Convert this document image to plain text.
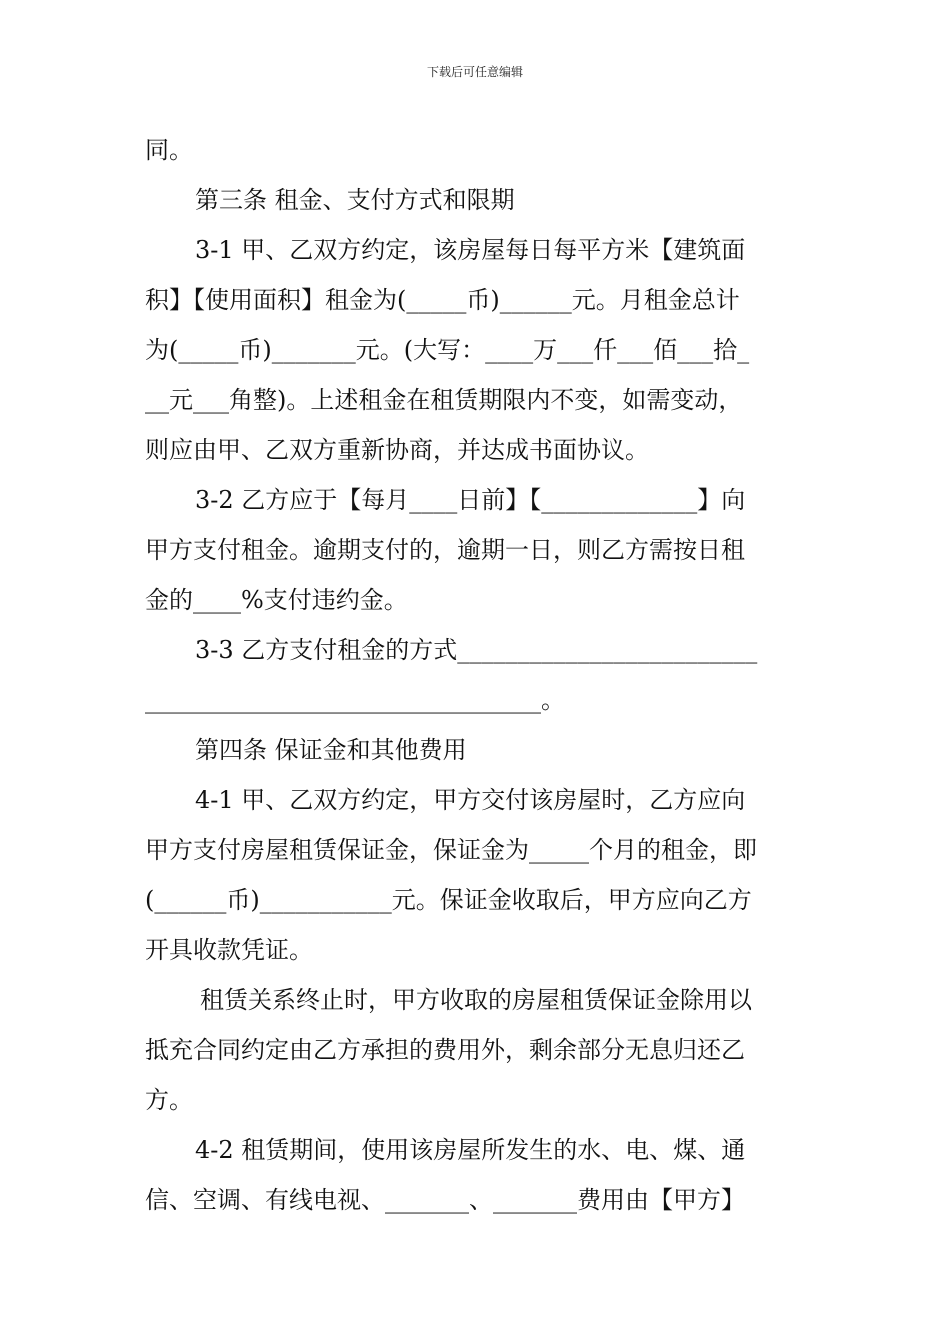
下载后可任意编辑
同。
第三条 租金、支付方式和限期
3-1 甲、乙双方约定，该房屋每日每平方米【建筑面
积】【使用面积】租金为(_____币)______元。月租金总计
为(_____币)_______元。(大写：____万___仟___佰___拾_
__元___角整)。上述租金在租赁期限内不变，如需变动，
则应由甲、乙双方重新协商，并达成书面协议。
3-2 乙方应于【每月____日前】【_____________】向
甲方支付租金。逾期支付的，逾期一日，则乙方需按日租
金的____%支付违约金。
3-3 乙方支付租金的方式_________________________
_________________________________。
第四条 保证金和其他费用
4-1 甲、乙双方约定，甲方交付该房屋时，乙方应向
甲方支付房屋租赁保证金，保证金为_____个月的租金，即
(______币)___________元。保证金收取后，甲方应向乙方
开具收款凭证。
租赁关系终止时，甲方收取的房屋租赁保证金除用以
抵充合同约定由乙方承担的费用外，剩余部分无息归还乙
方。
4-2 租赁期间，使用该房屋所发生的水、电、煤、通
信、空调、有线电视、_______、_______费用由【甲方】
